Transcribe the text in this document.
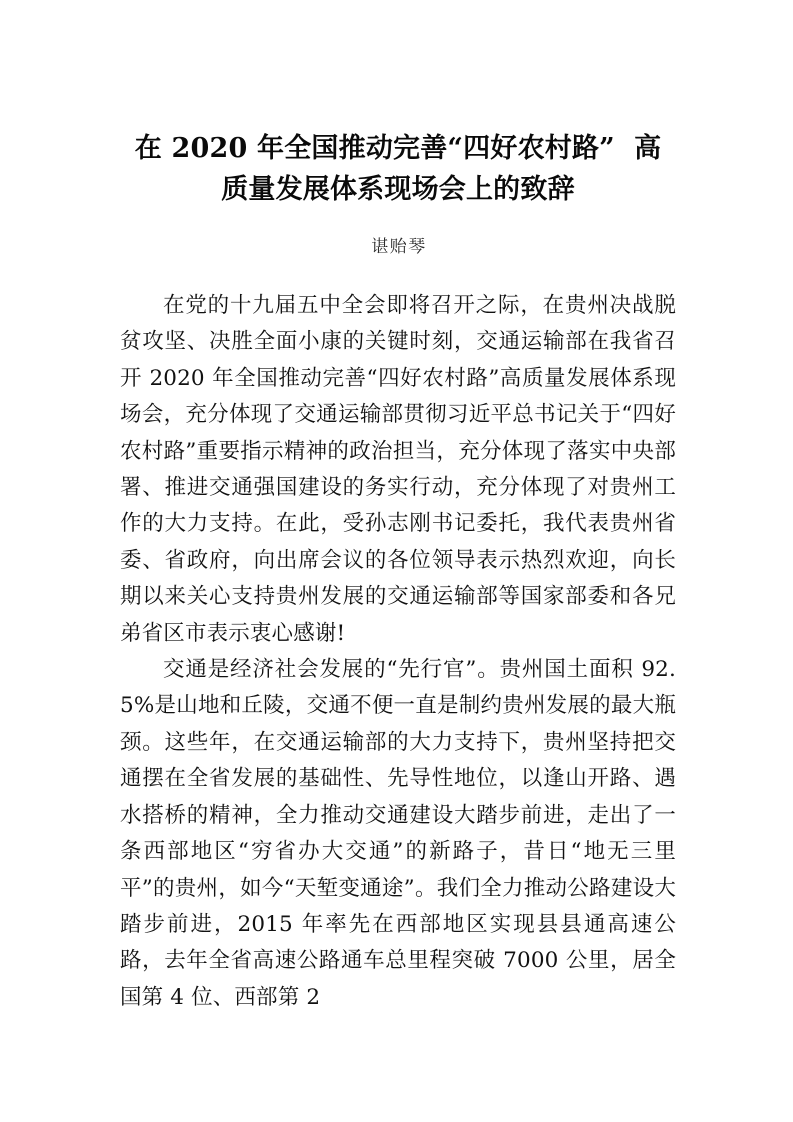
在 2020 年全国推动完善“四好农村路”  高
质量发展体系现场会上的致辞
谌贻琴

在党的十九届五中全会即将召开之际，在贵州决战脱贫攻坚、决胜全面小康的关键时刻，交通运输部在我省召开 2020 年全国推动完善“四好农村路”高质量发展体系现场会，充分体现了交通运输部贯彻习近平总书记关于“四好农村路”重要指示精神的政治担当，充分体现了落实中央部署、推进交通强国建设的务实行动，充分体现了对贵州工作的大力支持。在此，受孙志刚书记委托，我代表贵州省委、省政府，向出席会议的各位领导表示热烈欢迎，向长期以来关心支持贵州发展的交通运输部等国家部委和各兄弟省区市表示衷心感谢!

交通是经济社会发展的“先行官”。贵州国土面积 92.5%是山地和丘陵，交通不便一直是制约贵州发展的最大瓶颈。这些年，在交通运输部的大力支持下，贵州坚持把交通摆在全省发展的基础性、先导性地位，以逢山开路、遇水搭桥的精神，全力推动交通建设大踏步前进，走出了一条西部地区“穷省办大交通”的新路子，昔日“地无三里平”的贵州，如今“天堑变通途”。我们全力推动公路建设大踏步前进，2015 年率先在西部地区实现县县通高速公路，去年全省高速公路通车总里程突破 7000 公里，居全国第 4 位、西部第 2
